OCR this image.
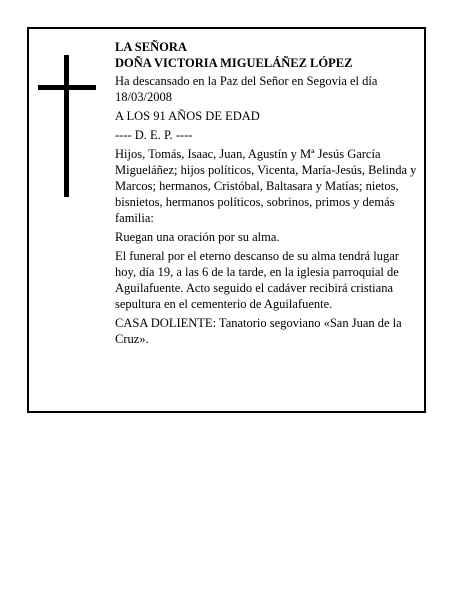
LA SEÑORA

DOÑA VICTORIA MIGUELÁÑEZ LÓPEZ

Ha descansado en la Paz del Señor en Segovia el día 18/03/2008

A LOS 91 AÑOS DE EDAD

---- D. E. P. ----

Hijos, Tomás, Isaac, Juan, Agustín y Mª Jesús García Migueláñez; hijos políticos, Vicenta, María-Jesús, Belinda y Marcos; hermanos, Cristóbal, Baltasara y Matías; nietos, bisnietos, hermanos políticos, sobrinos, primos y demás familia:

Ruegan una oración por su alma.

El funeral por el eterno descanso de su alma tendrá lugar hoy, día 19, a las 6 de la tarde, en la iglesia parroquial de Aguilafuente. Acto seguido el cadáver recibirá cristiana sepultura en el cementerio de Aguilafuente.

CASA DOLIENTE: Tanatorio segoviano «San Juan de la Cruz».
